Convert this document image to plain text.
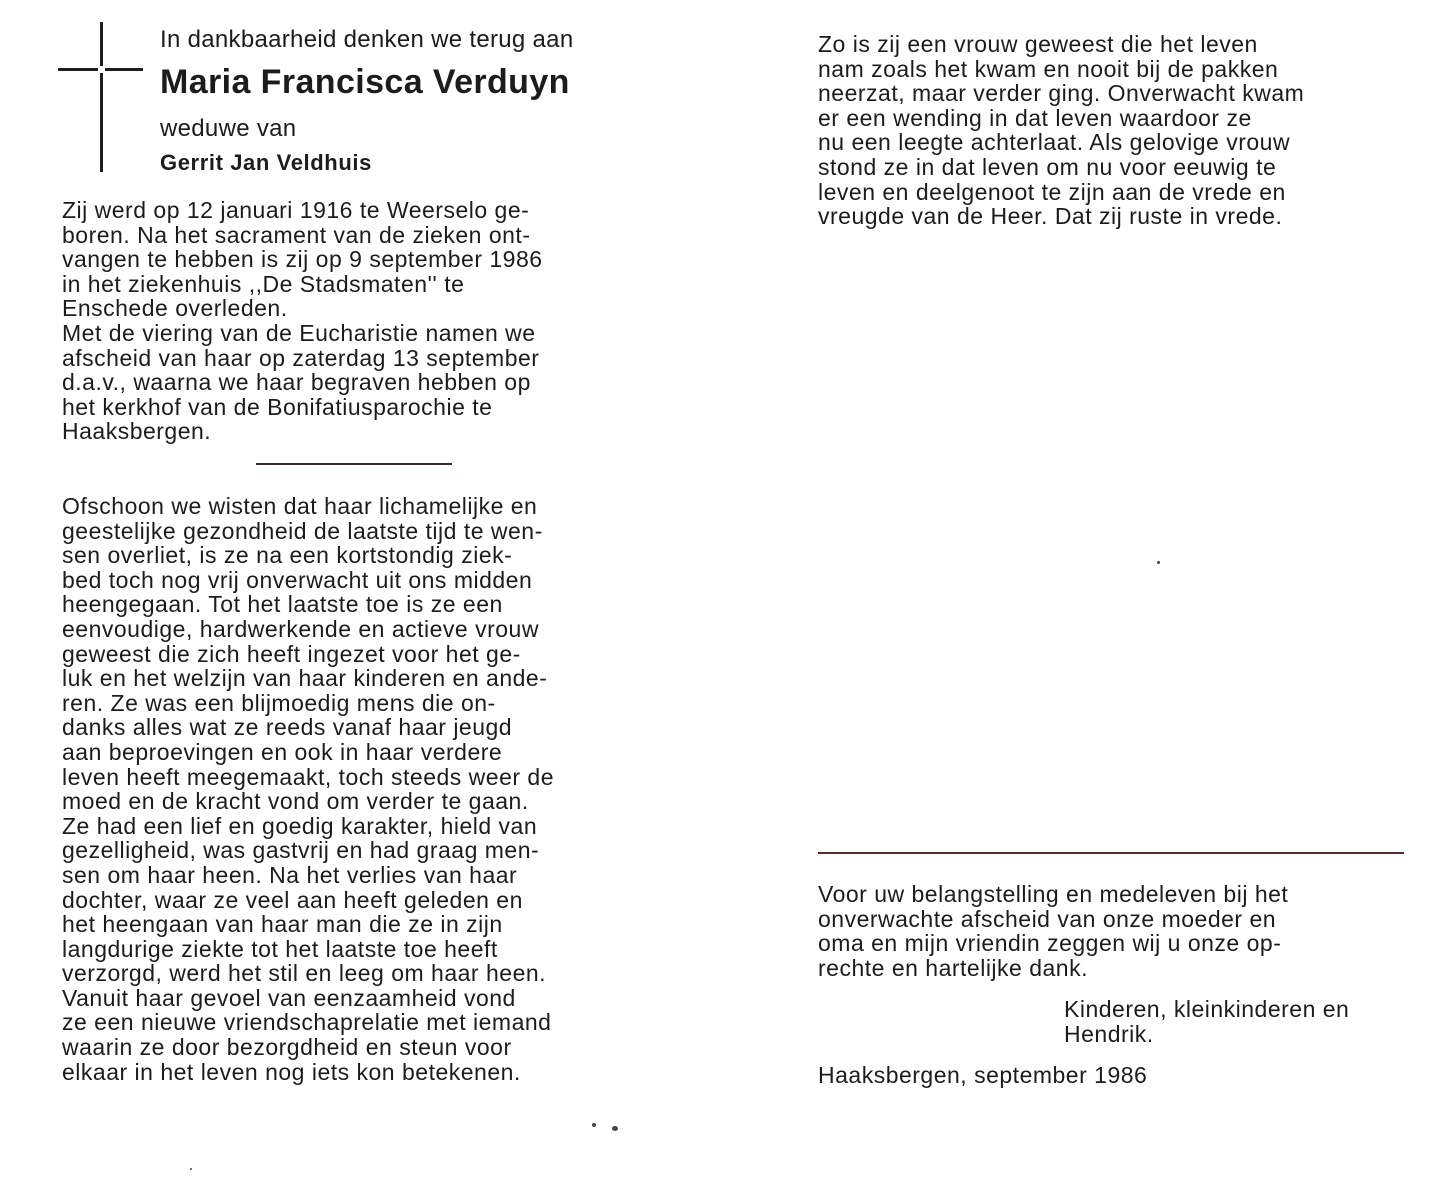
In dankbaarheid denken we terug aan
Maria Francisca Verduyn
weduwe van
Gerrit Jan Veldhuis

Zij werd op 12 januari 1916 te Weerselo ge-
boren. Na het sacrament van de zieken ont-
vangen te hebben is zij op 9 september 1986
in het ziekenhuis ,,De Stadsmaten'' te
Enschede overleden.
Met de viering van de Eucharistie namen we
afscheid van haar op zaterdag 13 september
d.a.v., waarna we haar begraven hebben op
het kerkhof van de Bonifatiusparochie te
Haaksbergen.

Ofschoon we wisten dat haar lichamelijke en
geestelijke gezondheid de laatste tijd te wen-
sen overliet, is ze na een kortstondig ziek-
bed toch nog vrij onverwacht uit ons midden
heengegaan. Tot het laatste toe is ze een
eenvoudige, hardwerkende en actieve vrouw
geweest die zich heeft ingezet voor het ge-
luk en het welzijn van haar kinderen en ande-
ren. Ze was een blijmoedig mens die on-
danks alles wat ze reeds vanaf haar jeugd
aan beproevingen en ook in haar verdere
leven heeft meegemaakt, toch steeds weer de
moed en de kracht vond om verder te gaan.
Ze had een lief en goedig karakter, hield van
gezelligheid, was gastvrij en had graag men-
sen om haar heen. Na het verlies van haar
dochter, waar ze veel aan heeft geleden en
het heengaan van haar man die ze in zijn
langdurige ziekte tot het laatste toe heeft
verzorgd, werd het stil en leeg om haar heen.
Vanuit haar gevoel van eenzaamheid vond
ze een nieuwe vriendschaprelatie met iemand
waarin ze door bezorgdheid en steun voor
elkaar in het leven nog iets kon betekenen.

Zo is zij een vrouw geweest die het leven
nam zoals het kwam en nooit bij de pakken
neerzat, maar verder ging. Onverwacht kwam
er een wending in dat leven waardoor ze
nu een leegte achterlaat. Als gelovige vrouw
stond ze in dat leven om nu voor eeuwig te
leven en deelgenoot te zijn aan de vrede en
vreugde van de Heer. Dat zij ruste in vrede.

Voor uw belangstelling en medeleven bij het
onverwachte afscheid van onze moeder en
oma en mijn vriendin zeggen wij u onze op-
rechte en hartelijke dank.

Kinderen, kleinkinderen en
Hendrik.

Haaksbergen, september 1986
